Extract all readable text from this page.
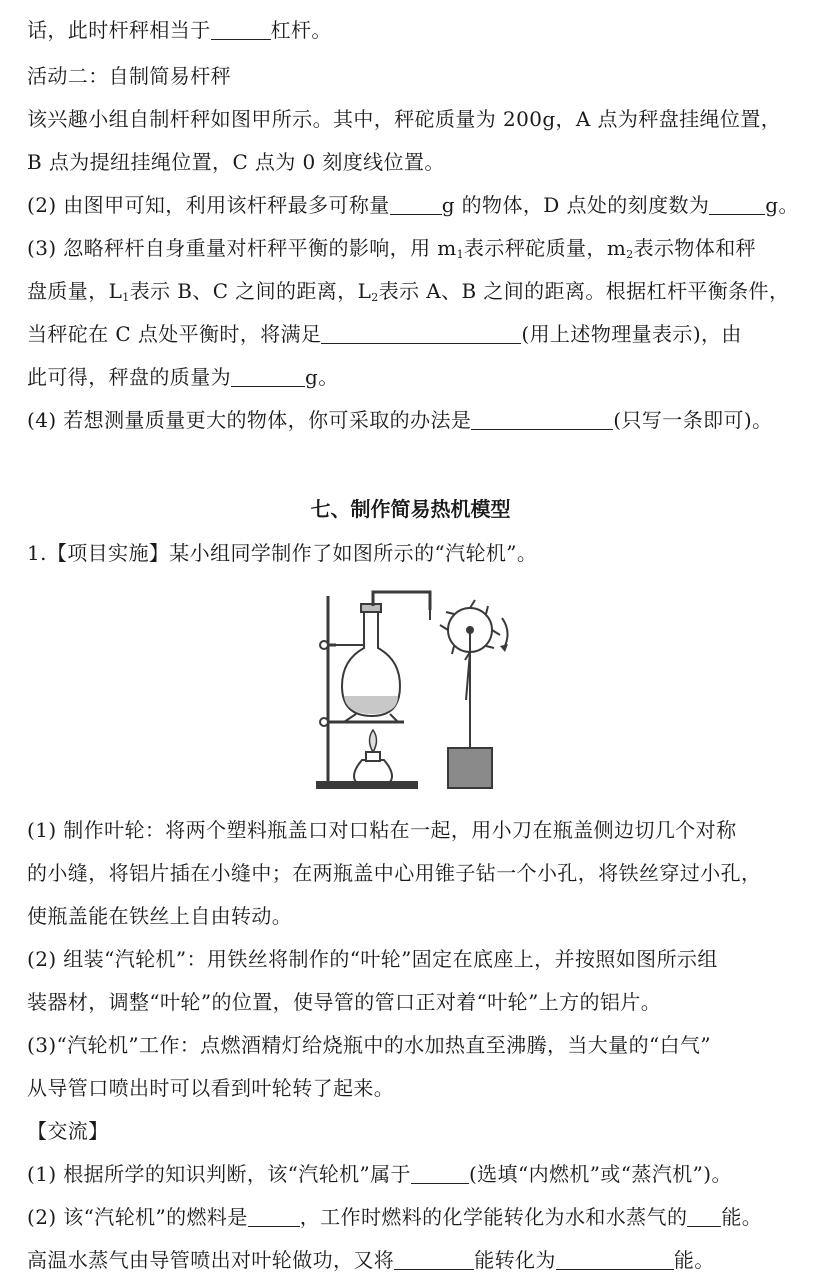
话，此时杆秤相当于	杠杆。
活动二：自制简易杆秤
该兴趣小组自制杆秤如图甲所示。其中，秤砣质量为 200g，A 点为秤盘挂绳位置，
B 点为提纽挂绳位置，C 点为 0 刻度线位置。
(2) 由图甲可知，利用该杆秤最多可称量	g 的物体，D 点处的刻度数为	g。
(3) 忽略秤杆自身重量对杆秤平衡的影响，用 $m_1$表示秤砣质量，$m_2$表示物体和秤
盘质量，$L_1$表示 B、C 之间的距离，$L_2$表示 A、B 之间的距离。根据杠杆平衡条件，
当秤砣在 C 点处平衡时，将满足	(用上述物理量表示)，由
此可得，秤盘的质量为	g。
(4) 若想测量质量更大的物体，你可采取的办法是	(只写一条即可)。
七、制作简易热机模型
1.【项目实施】某小组同学制作了如图所示的“汽轮机”。
(1) 制作叶轮：将两个塑料瓶盖口对口粘在一起，用小刀在瓶盖侧边切几个对称
的小缝，将铝片插在小缝中；在两瓶盖中心用锥子钻一个小孔，将铁丝穿过小孔，
使瓶盖能在铁丝上自由转动。
(2) 组装“汽轮机”：用铁丝将制作的“叶轮”固定在底座上，并按照如图所示组
装器材，调整“叶轮”的位置，使导管的管口正对着“叶轮”上方的铝片。
(3)“汽轮机”工作：点燃酒精灯给烧瓶中的水加热直至沸腾，当大量的“白气”
从导管口喷出时可以看到叶轮转了起来。
【交流】
(1) 根据所学的知识判断，该“汽轮机”属于	(选填“内燃机”或“蒸汽机”)。
(2) 该“汽轮机”的燃料是	，工作时燃料的化学能转化为水和水蒸气的 能。
高温水蒸气由导管喷出对叶轮做功，又将	能转化为	能。
